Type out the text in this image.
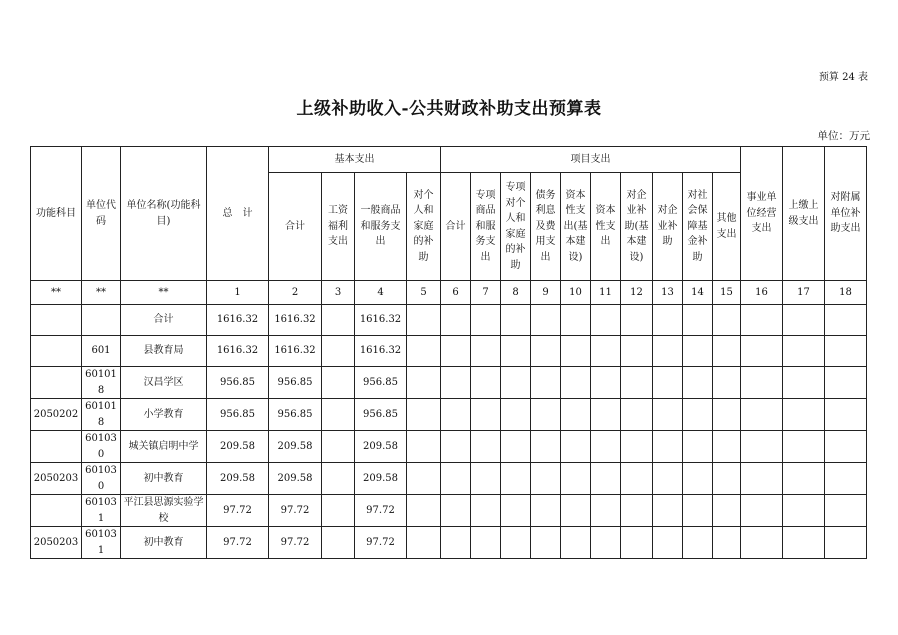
预算 24 表
上级补助收入-公共财政补助支出预算表
单位：万元
功能科目	单位代码	单位名称(功能科目)	总　计	基本支出				项目支出										事业单位经营支出	上缴上级支出	对附属单位补助支出
				合计	工资福利支出	一般商品和服务支出	对个人和家庭的补助	合计	专项商品和服务支出	专项对个人和家庭的补助	债务利息及费用支出	资本性支出(基本建设)	资本性支出	对企业补助(基本建设)	对企业补助	对社会保障基金补助	其他支出			
**	**	**	1	2	3	4	5	6	7	8	9	10	11	12	13	14	15	16	17	18
		合计	1616.32	1616.32		1616.32														
	601	县教育局	1616.32	1616.32		1616.32														
	601018	汉昌学区	956.85	956.85		956.85														
2050202	601018	小学教育	956.85	956.85		956.85														
	601030	城关镇启明中学	209.58	209.58		209.58														
2050203	601030	初中教育	209.58	209.58		209.58														
	601031	平江县思源实验学校	97.72	97.72		97.72														
2050203	601031	初中教育	97.72	97.72		97.72														
